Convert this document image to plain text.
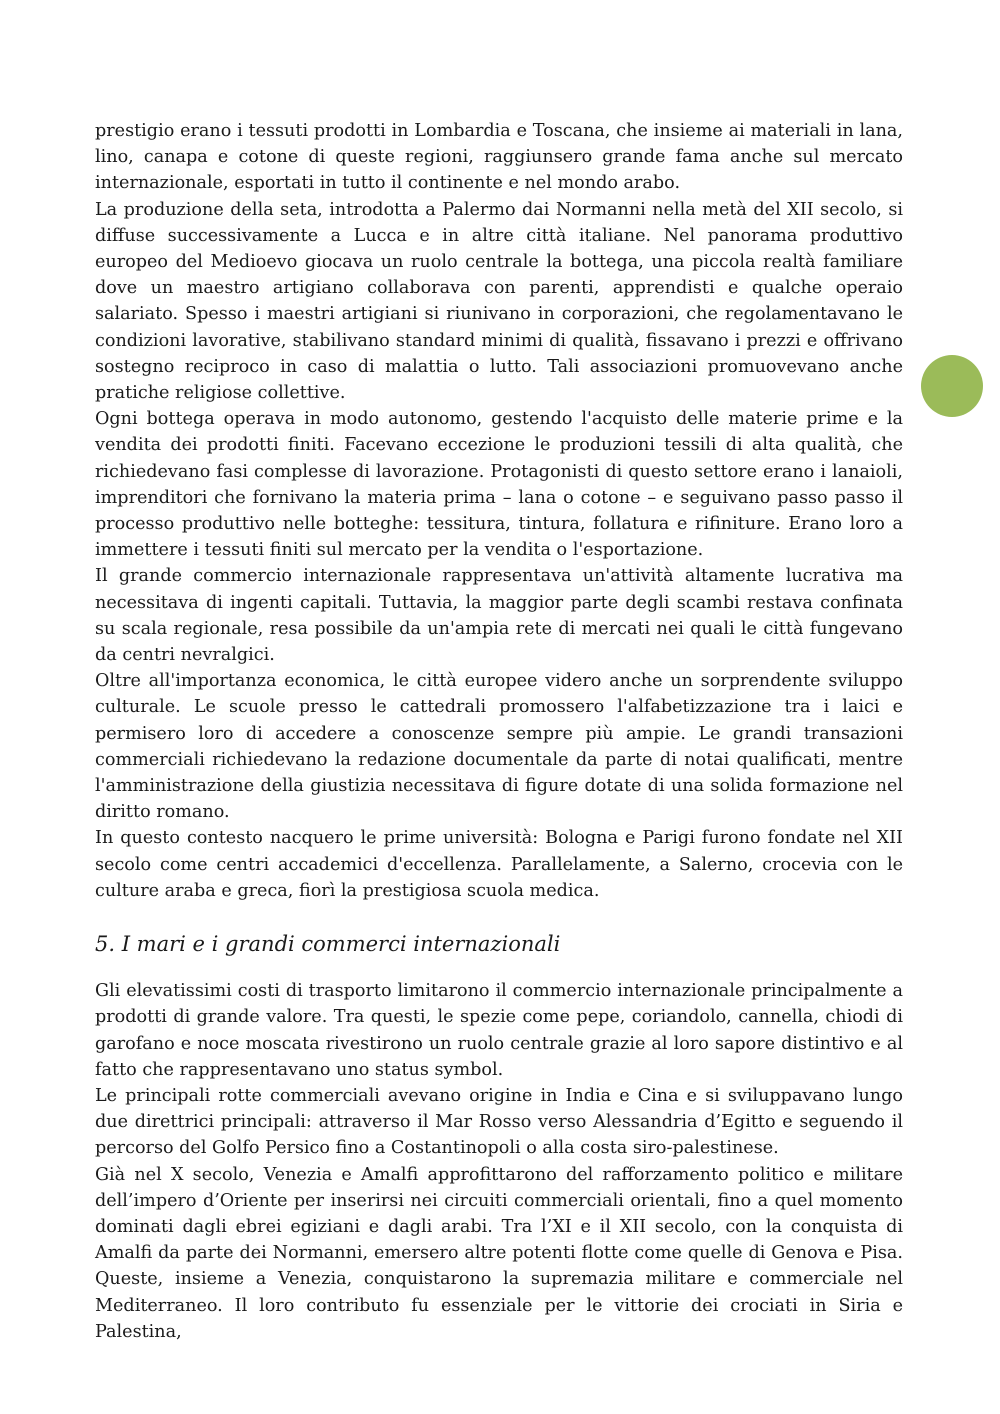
prestigio erano i tessuti prodotti in Lombardia e Toscana, che insieme ai materiali in lana, lino, canapa e cotone di queste regioni, raggiunsero grande fama anche sul mercato internazionale, esportati in tutto il continente e nel mondo arabo.

La produzione della seta, introdotta a Palermo dai Normanni nella metà del XII secolo, si diffuse successivamente a Lucca e in altre città italiane. Nel panorama produttivo europeo del Medioevo giocava un ruolo centrale la bottega, una piccola realtà familiare dove un maestro artigiano collaborava con parenti, apprendisti e qualche operaio salariato. Spesso i maestri artigiani si riunivano in corporazioni, che regolamentavano le condizioni lavorative, stabilivano standard minimi di qualità, fissavano i prezzi e offrivano sostegno reciproco in caso di malattia o lutto. Tali associazioni promuovevano anche pratiche religiose collettive.

Ogni bottega operava in modo autonomo, gestendo l'acquisto delle materie prime e la vendita dei prodotti finiti. Facevano eccezione le produzioni tessili di alta qualità, che richiedevano fasi complesse di lavorazione. Protagonisti di questo settore erano i lanaioli, imprenditori che fornivano la materia prima – lana o cotone – e seguivano passo passo il processo produttivo nelle botteghe: tessitura, tintura, follatura e rifiniture. Erano loro a immettere i tessuti finiti sul mercato per la vendita o l'esportazione.

Il grande commercio internazionale rappresentava un'attività altamente lucrativa ma necessitava di ingenti capitali. Tuttavia, la maggior parte degli scambi restava confinata su scala regionale, resa possibile da un'ampia rete di mercati nei quali le città fungevano da centri nevralgici.

Oltre all'importanza economica, le città europee videro anche un sorprendente sviluppo culturale. Le scuole presso le cattedrali promossero l'alfabetizzazione tra i laici e permisero loro di accedere a conoscenze sempre più ampie. Le grandi transazioni commerciali richiedevano la redazione documentale da parte di notai qualificati, mentre l'amministrazione della giustizia necessitava di figure dotate di una solida formazione nel diritto romano.

In questo contesto nacquero le prime università: Bologna e Parigi furono fondate nel XII secolo come centri accademici d'eccellenza. Parallelamente, a Salerno, crocevia con le culture araba e greca, fiorì la prestigiosa scuola medica.

5. I mari e i grandi commerci internazionali

Gli elevatissimi costi di trasporto limitarono il commercio internazionale principalmente a prodotti di grande valore. Tra questi, le spezie come pepe, coriandolo, cannella, chiodi di garofano e noce moscata rivestirono un ruolo centrale grazie al loro sapore distintivo e al fatto che rappresentavano uno status symbol.

Le principali rotte commerciali avevano origine in India e Cina e si sviluppavano lungo due direttrici principali: attraverso il Mar Rosso verso Alessandria d’Egitto e seguendo il percorso del Golfo Persico fino a Costantinopoli o alla costa siro-palestinese.

Già nel X secolo, Venezia e Amalfi approfittarono del rafforzamento politico e militare dell’impero d’Oriente per inserirsi nei circuiti commerciali orientali, fino a quel momento dominati dagli ebrei egiziani e dagli arabi. Tra l’XI e il XII secolo, con la conquista di Amalfi da parte dei Normanni, emersero altre potenti flotte come quelle di Genova e Pisa. Queste, insieme a Venezia, conquistarono la supremazia militare e commerciale nel Mediterraneo. Il loro contributo fu essenziale per le vittorie dei crociati in Siria e Palestina,
